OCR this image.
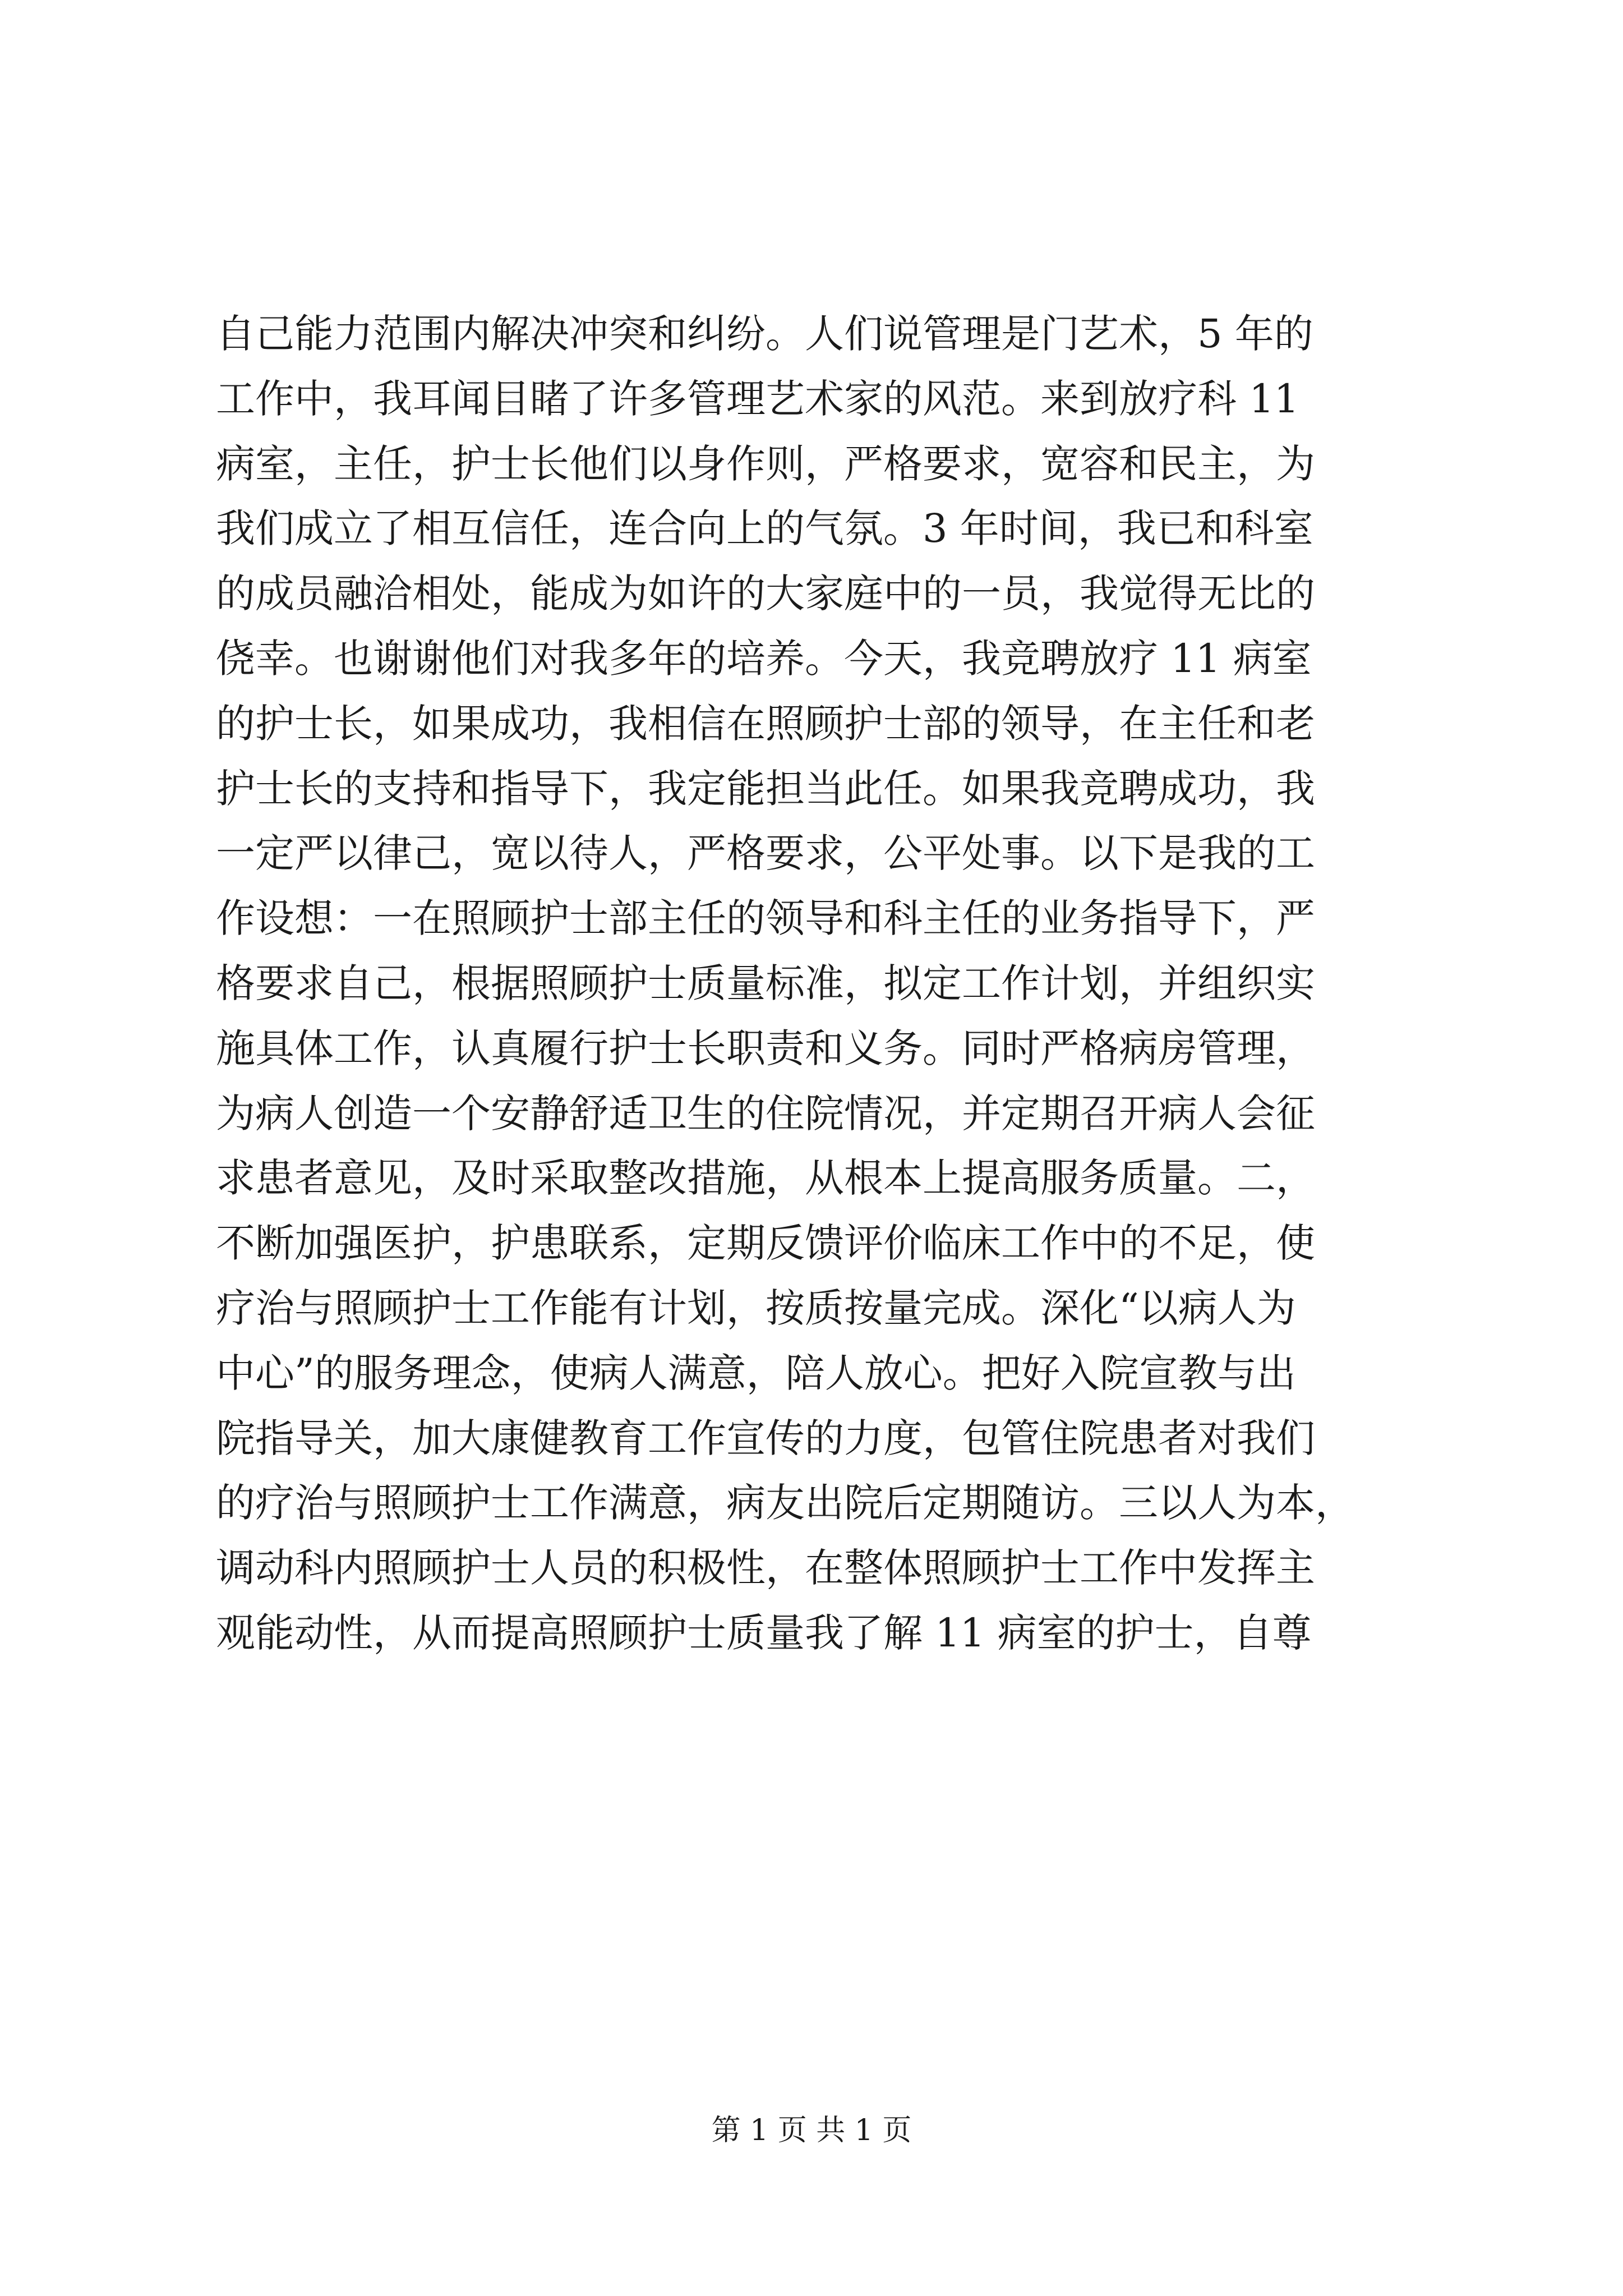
自己能力范围内解决冲突和纠纷。人们说管理是门艺术，5 年的
工作中，我耳闻目睹了许多管理艺术家的风范。来到放疗科 11
病室，主任，护士长他们以身作则，严格要求，宽容和民主，为
我们成立了相互信任，连合向上的气氛。3 年时间，我已和科室
的成员融洽相处，能成为如许的大家庭中的一员，我觉得无比的
侥幸。也谢谢他们对我多年的培养。今天，我竞聘放疗 11 病室
的护士长，如果成功，我相信在照顾护士部的领导，在主任和老
护士长的支持和指导下，我定能担当此任。如果我竞聘成功，我
一定严以律己，宽以待人，严格要求，公平处事。以下是我的工
作设想：一在照顾护士部主任的领导和科主任的业务指导下，严
格要求自己，根据照顾护士质量标准，拟定工作计划，并组织实
施具体工作，认真履行护士长职责和义务。同时严格病房管理，
为病人创造一个安静舒适卫生的住院情况，并定期召开病人会征
求患者意见，及时采取整改措施，从根本上提高服务质量。二，
不断加强医护，护患联系，定期反馈评价临床工作中的不足，使
疗治与照顾护士工作能有计划，按质按量完成。深化“以病人为
中心”的服务理念，使病人满意，陪人放心。把好入院宣教与出
院指导关，加大康健教育工作宣传的力度，包管住院患者对我们
的疗治与照顾护士工作满意，病友出院后定期随访。三以人为本，
调动科内照顾护士人员的积极性，在整体照顾护士工作中发挥主
观能动性，从而提高照顾护士质量我了解 11 病室的护士，自尊
第 1 页 共 1 页
